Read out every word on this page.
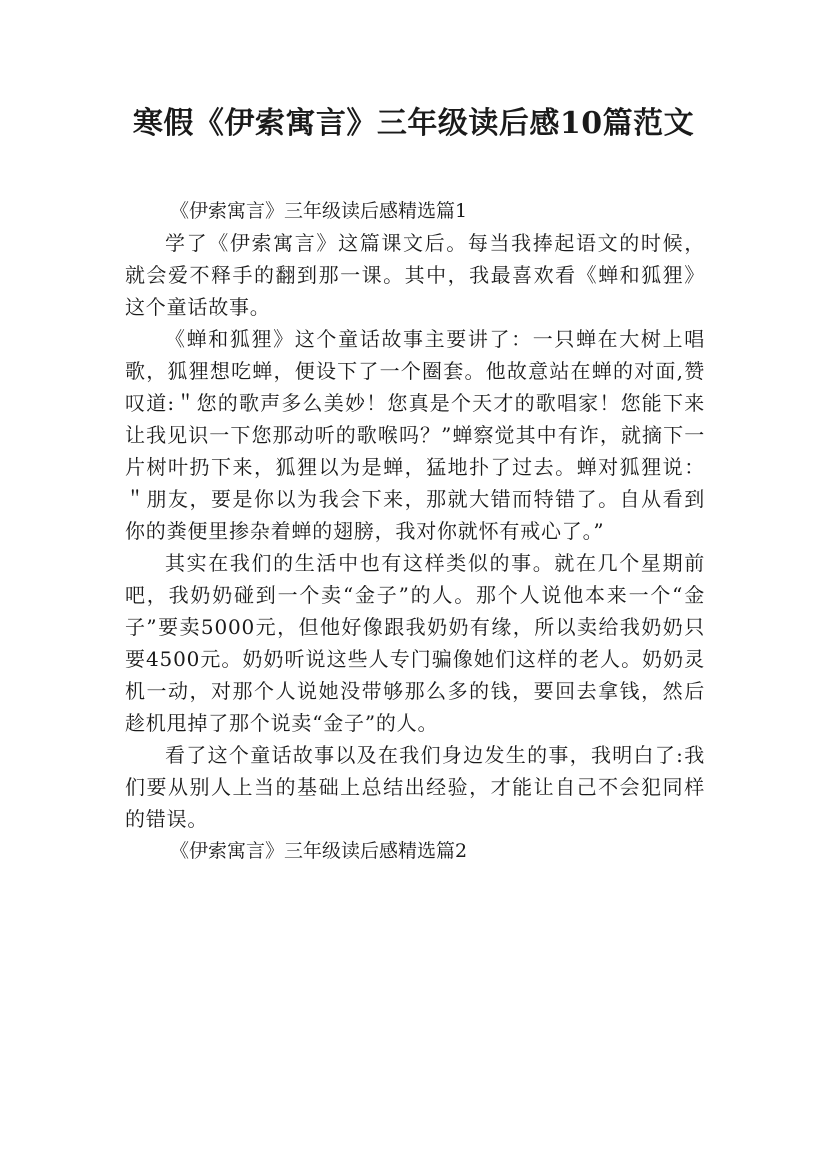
寒假《伊索寓言》三年级读后感10篇范文
《伊索寓言》三年级读后感精选篇1

学了《伊索寓言》这篇课文后。每当我捧起语文的时候，就会爱不释手的翻到那一课。其中，我最喜欢看《蝉和狐狸》这个童话故事。

《蝉和狐狸》这个童话故事主要讲了：一只蝉在大树上唱歌，狐狸想吃蝉，便设下了一个圈套。他故意站在蝉的对面,赞叹道:＂您的歌声多么美妙！您真是个天才的歌唱家！您能下来让我见识一下您那动听的歌喉吗？”蝉察觉其中有诈，就摘下一片树叶扔下来，狐狸以为是蝉，猛地扑了过去。蝉对狐狸说：＂朋友，要是你以为我会下来，那就大错而特错了。自从看到你的粪便里掺杂着蝉的翅膀，我对你就怀有戒心了。”

其实在我们的生活中也有这样类似的事。就在几个星期前吧，我奶奶碰到一个卖“金子”的人。那个人说他本来一个“金子”要卖5000元，但他好像跟我奶奶有缘，所以卖给我奶奶只要4500元。奶奶听说这些人专门骗像她们这样的老人。奶奶灵机一动，对那个人说她没带够那么多的钱，要回去拿钱，然后趁机甩掉了那个说卖“金子”的人。

看了这个童话故事以及在我们身边发生的事，我明白了:我们要从别人上当的基础上总结出经验，才能让自己不会犯同样的错误。

《伊索寓言》三年级读后感精选篇2
